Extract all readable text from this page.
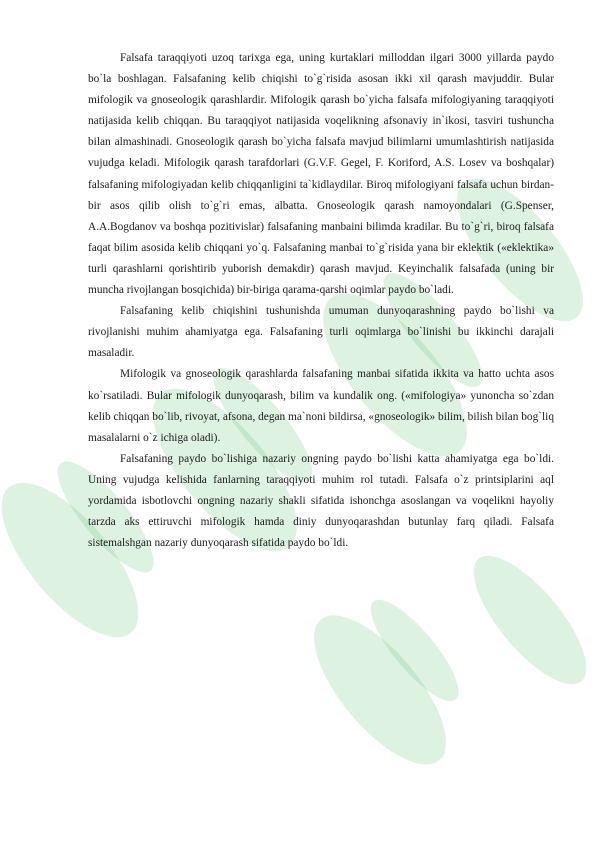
Falsafa taraqqiyoti uzoq tarixga ega, uning kurtaklari milloddan ilgari 3000 yillarda paydo bo`la boshlagan. Falsafaning kelib chiqishi to`g`risida asosan ikki xil qarash mavjuddir. Bular mifologik va gnoseologik qarashlardir. Mifologik qarash bo`yicha falsafa mifologiyaning taraqqiyoti natijasida kelib chiqqan. Bu taraqqiyot natijasida voqelikning afsonaviy in`ikosi, tasviri tushuncha bilan almashinadi. Gnoseologik qarash bo`yicha falsafa mavjud bilimlarni umumlashtirish natijasida vujudga keladi. Mifologik qarash tarafdorlari (G.V.F. Gegel, F. Koriford, A.S. Losev va boshqalar) falsafaning mifologiyadan kelib chiqqanligini ta`kidlaydilar. Biroq mifologiyani falsafa uchun birdan-bir asos qilib olish to`g`ri emas, albatta. Gnoseologik qarash namoyondalari (G.Spenser, A.A.Bogdanov va boshqa pozitivislar) falsafaning manbaini bilimda kradilar. Bu to`g`ri, biroq falsafa faqat bilim asosida kelib chiqqani yo`q. Falsafaning manbai to`g`risida yana bir eklektik («eklektika» turli qarashlarni qorishtirib yuborish demakdir) qarash mavjud. Keyinchalik falsafada (uning bir muncha rivojlangan bosqichida) bir-biriga qarama-qarshi oqimlar paydo bo`ladi.

Falsafaning kelib chiqishini tushunishda umuman dunyoqarashning paydo bo`lishi va rivojlanishi muhim ahamiyatga ega. Falsafaning turli oqimlarga bo`linishi bu ikkinchi darajali masaladir.

Mifologik va gnoseologik qarashlarda falsafaning manbai sifatida ikkita va hatto uchta asos ko`rsatiladi. Bular mifologik dunyoqarash, bilim va kundalik ong. («mifologiya» yunoncha so`zdan kelib chiqqan bo`lib, rivoyat, afsona, degan ma`noni bildirsa, «gnoseologik» bilim, bilish bilan bog`liq masalalarni o`z ichiga oladi).

Falsafaning paydo bo`lishiga nazariy ongning paydo bo`lishi katta ahamiyatga ega bo`ldi. Uning vujudga kelishida fanlarning taraqqiyoti muhim rol tutadi. Falsafa o`z printsiplarini aql yordamida isbotlovchi ongning nazariy shakli sifatida ishonchga asoslangan va voqelikni hayoliy tarzda aks ettiruvchi mifologik hamda diniy dunyoqarashdan butunlay farq qiladi. Falsafa sistemalshgan nazariy dunyoqarash sifatida paydo bo`ldi.
